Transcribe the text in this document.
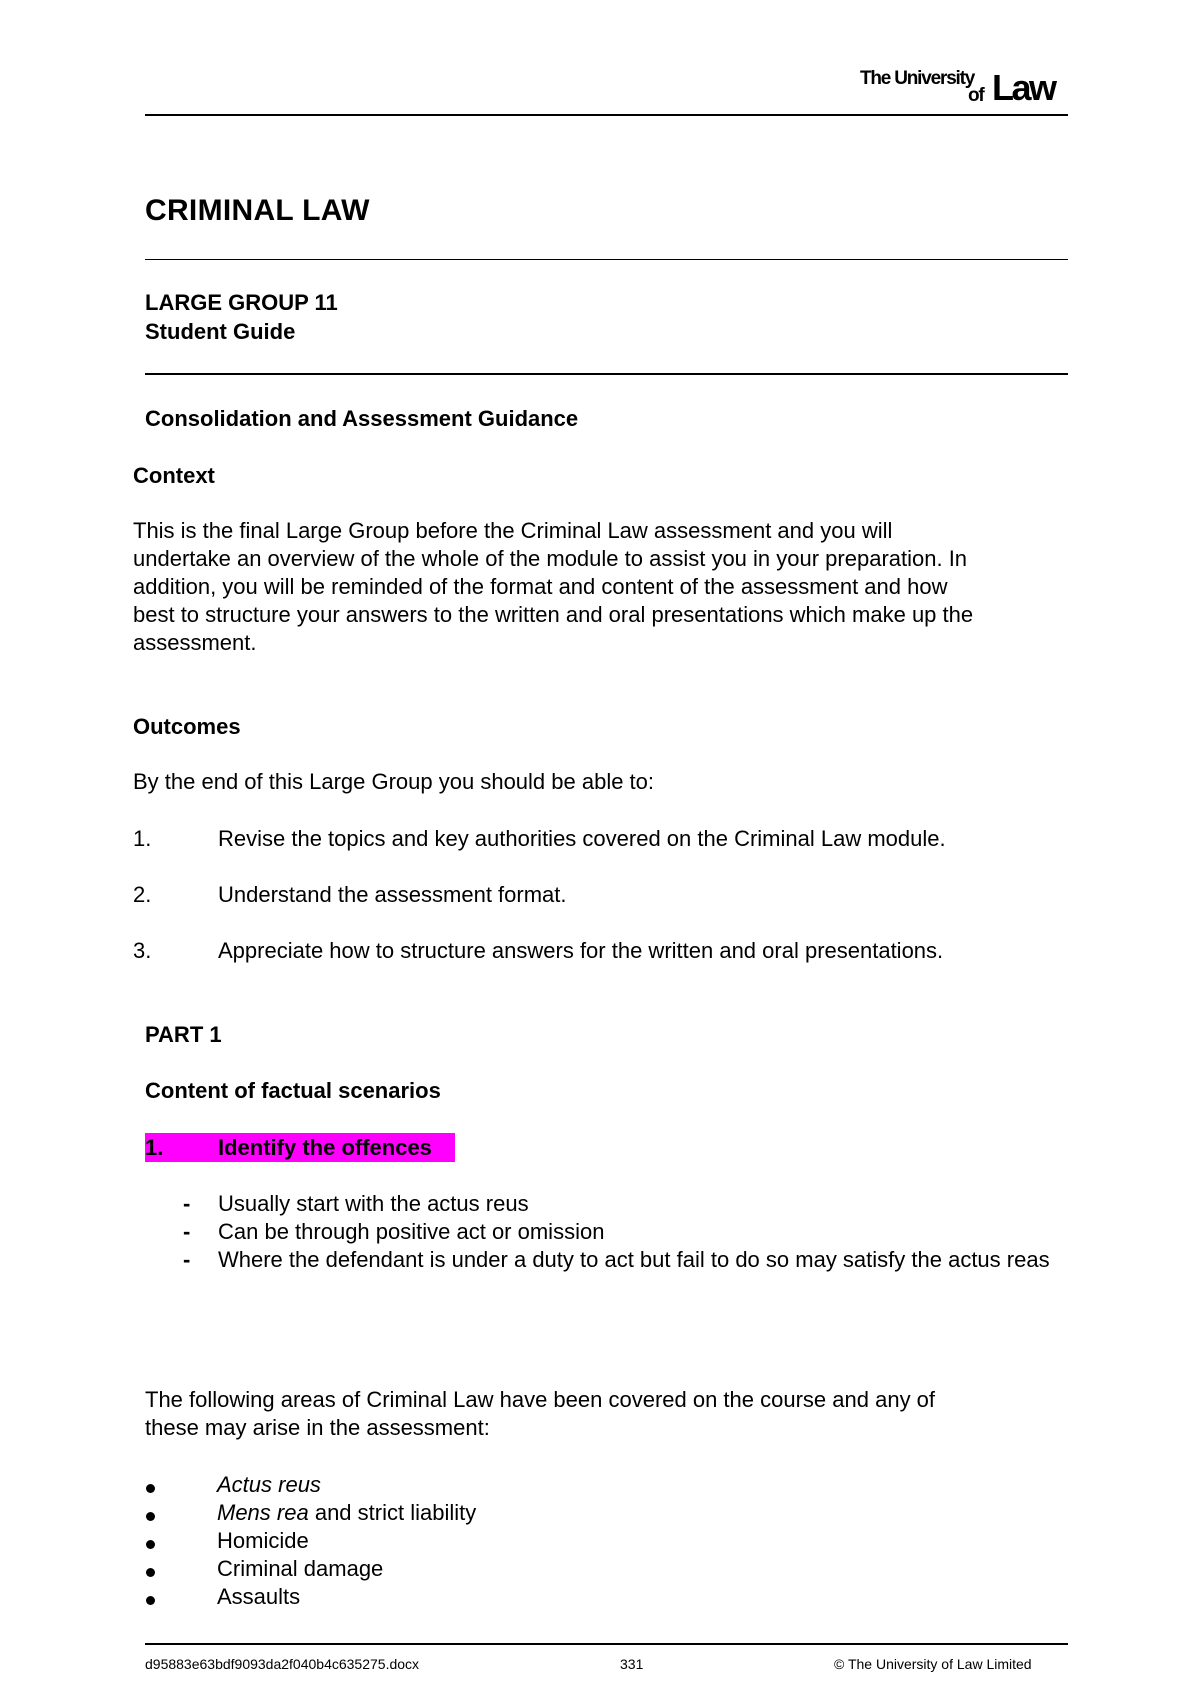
The University
of Law
CRIMINAL LAW
LARGE GROUP 11
Student Guide
Consolidation and Assessment Guidance
Context
This is the final Large Group before the Criminal Law assessment and you will
undertake an overview of the whole of the module to assist you in your preparation. In
addition, you will be reminded of the format and content of the assessment and how
best to structure your answers to the written and oral presentations which make up the
assessment.
Outcomes
By the end of this Large Group you should be able to:
1.	Revise the topics and key authorities covered on the Criminal Law module.
2.	Understand the assessment format.
3.	Appreciate how to structure answers for the written and oral presentations.
PART 1
Content of factual scenarios
1. Identify the offences
- Usually start with the actus reus
- Can be through positive act or omission
- Where the defendant is under a duty to act but fail to do so may satisfy the actus reas
The following areas of Criminal Law have been covered on the course and any of
these may arise in the assessment:
Actus reus
Mens rea and strict liability
Homicide
Criminal damage
Assaults
d95883e63bdf9093da2f040b4c635275.docx	331	© The University of Law Limited
